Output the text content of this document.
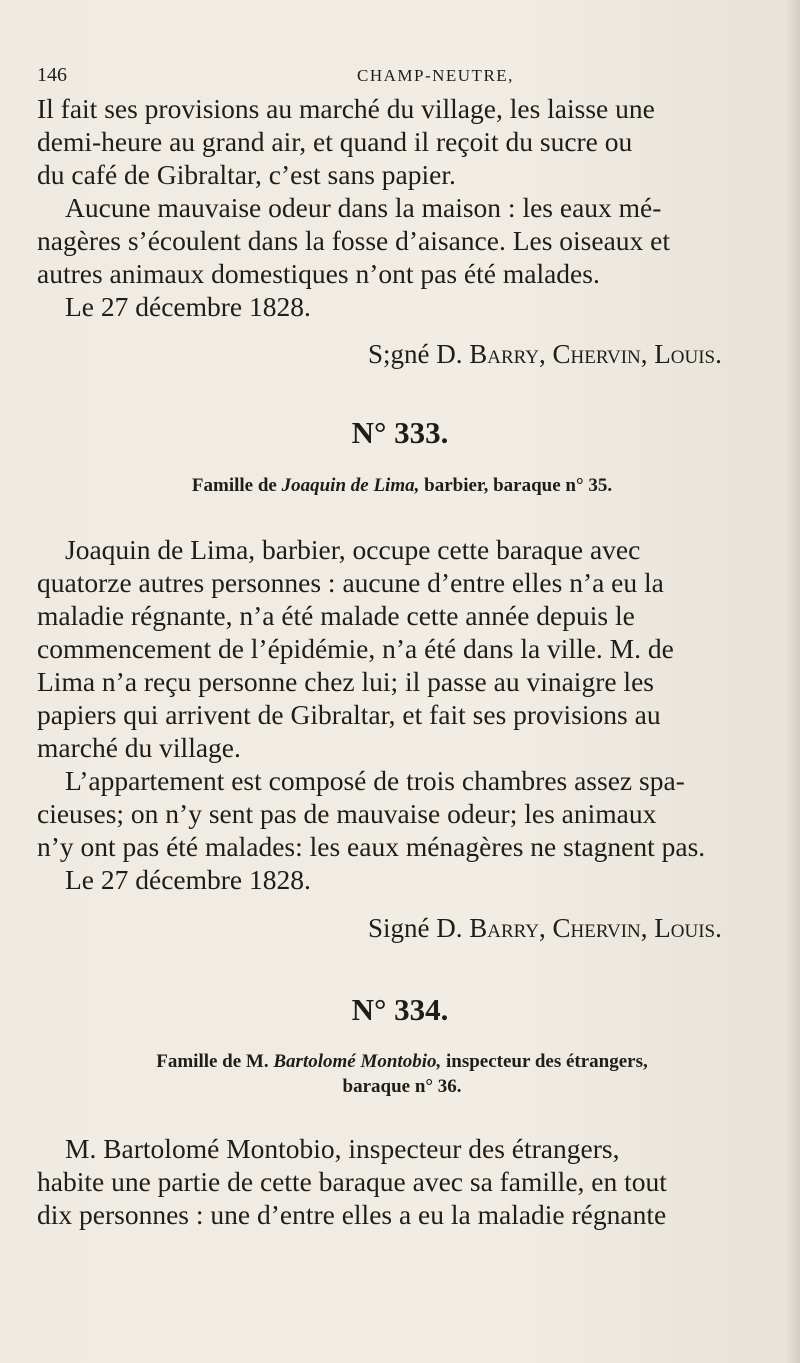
146	CHAMP-NEUTRE,
Il fait ses provisions au marché du village, les laisse une
demi-heure au grand air, et quand il reçoit du sucre ou
du café de Gibraltar, c’est sans papier.
Aucune mauvaise odeur dans la maison : les eaux mé-
nagères s’écoulent dans la fosse d’aisance. Les oiseaux et
autres animaux domestiques n’ont pas été malades.
Le 27 décembre 1828.
S;gné D. Barry, Chervin, Louis.
N° 333.
Famille de Joaquin de Lima, barbier, baraque n° 35.
Joaquin de Lima, barbier, occupe cette baraque avec
quatorze autres personnes : aucune d’entre elles n’a eu la
maladie régnante, n’a été malade cette année depuis le
commencement de l’épidémie, n’a été dans la ville. M. de
Lima n’a reçu personne chez lui; il passe au vinaigre les
papiers qui arrivent de Gibraltar, et fait ses provisions au
marché du village.
L’appartement est composé de trois chambres assez spa-
cieuses; on n’y sent pas de mauvaise odeur; les animaux
n’y ont pas été malades: les eaux ménagères ne stagnent pas.
Le 27 décembre 1828.
Signé D. Barry, Chervin, Louis.
N° 334.
Famille de M. Bartolomé Montobio, inspecteur des étrangers,
baraque n° 36.
M. Bartolomé Montobio, inspecteur des étrangers,
habite une partie de cette baraque avec sa famille, en tout
dix personnes : une d’entre elles a eu la maladie régnante
